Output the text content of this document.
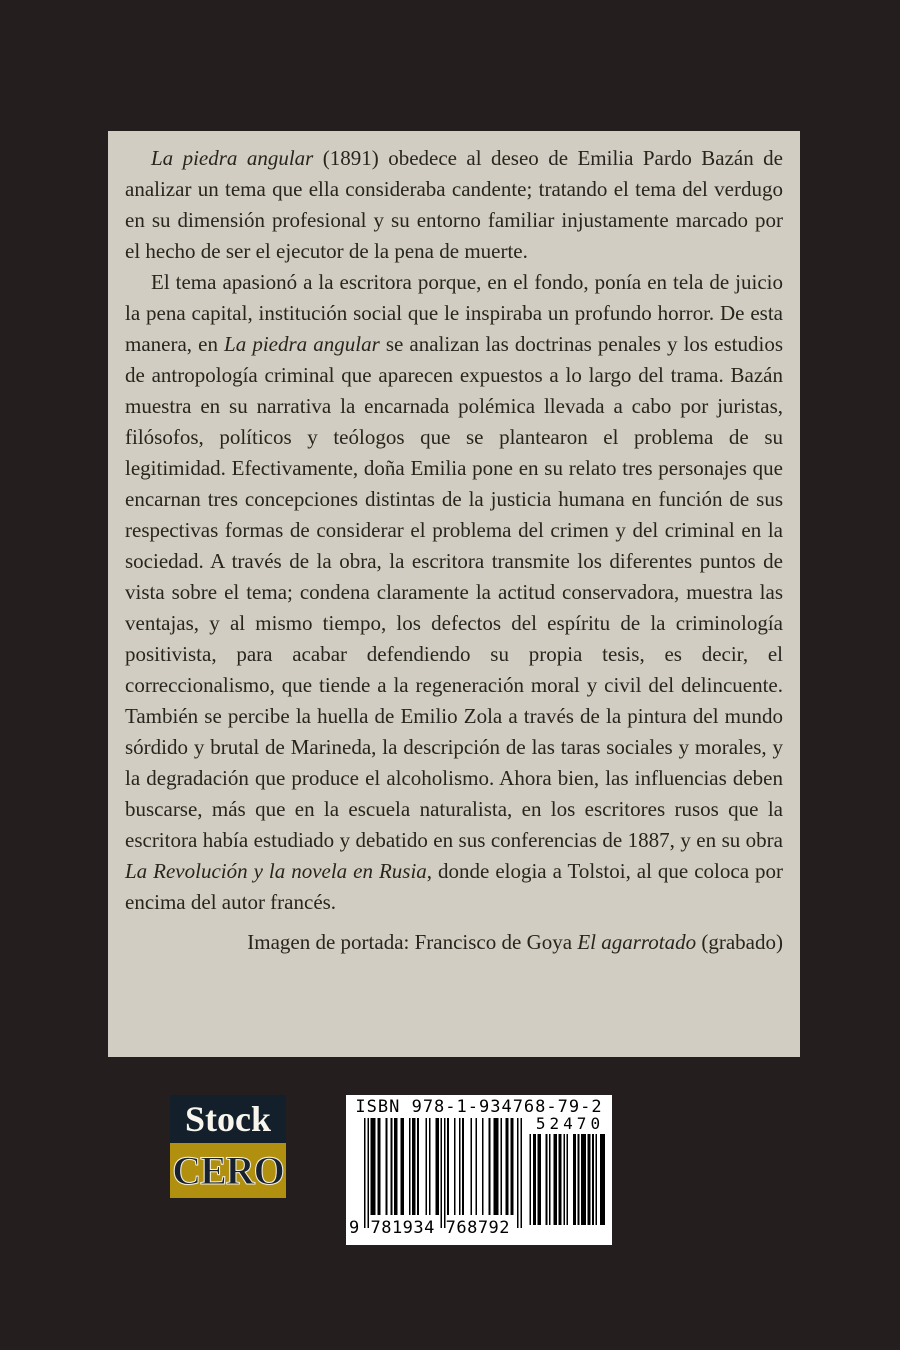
La piedra angular (1891) obedece al deseo de Emilia Pardo Bazán de analizar un tema que ella consideraba candente; tratando el tema del verdugo en su dimensión profesional y su entorno familiar injustamente marcado por el hecho de ser el ejecutor de la pena de muerte.

El tema apasionó a la escritora porque, en el fondo, ponía en tela de juicio la pena capital, institución social que le inspiraba un profundo horror. De esta manera, en La piedra angular se analizan las doctrinas penales y los estudios de antropología criminal que aparecen expuestos a lo largo del trama. Bazán muestra en su narrativa la encarnada polémica llevada a cabo por juristas, filósofos, políticos y teólogos que se plantearon el problema de su legitimidad. Efectivamente, doña Emilia pone en su relato tres personajes que encarnan tres concepciones distintas de la justicia humana en función de sus respectivas formas de considerar el problema del crimen y del criminal en la sociedad. A través de la obra, la escritora transmite los diferentes puntos de vista sobre el tema; condena claramente la actitud conservadora, muestra las ventajas, y al mismo tiempo, los defectos del espíritu de la criminología positivista, para acabar defendiendo su propia tesis, es decir, el correccionalismo, que tiende a la regeneración moral y civil del delincuente. También se percibe la huella de Emilio Zola a través de la pintura del mundo sórdido y brutal de Marineda, la descripción de las taras sociales y morales, y la degradación que produce el alcoholismo. Ahora bien, las influencias deben buscarse, más que en la escuela naturalista, en los escritores rusos que la escritora había estudiado y debatido en sus conferencias de 1887, y en su obra La Revolución y la novela en Rusia, donde elogia a Tolstoi, al que coloca por encima del autor francés.

Imagen de portada: Francisco de Goya El agarrotado (grabado)

Stock
CERO
ISBN 978-1-934768-79-2
9 781934 768792
52470
